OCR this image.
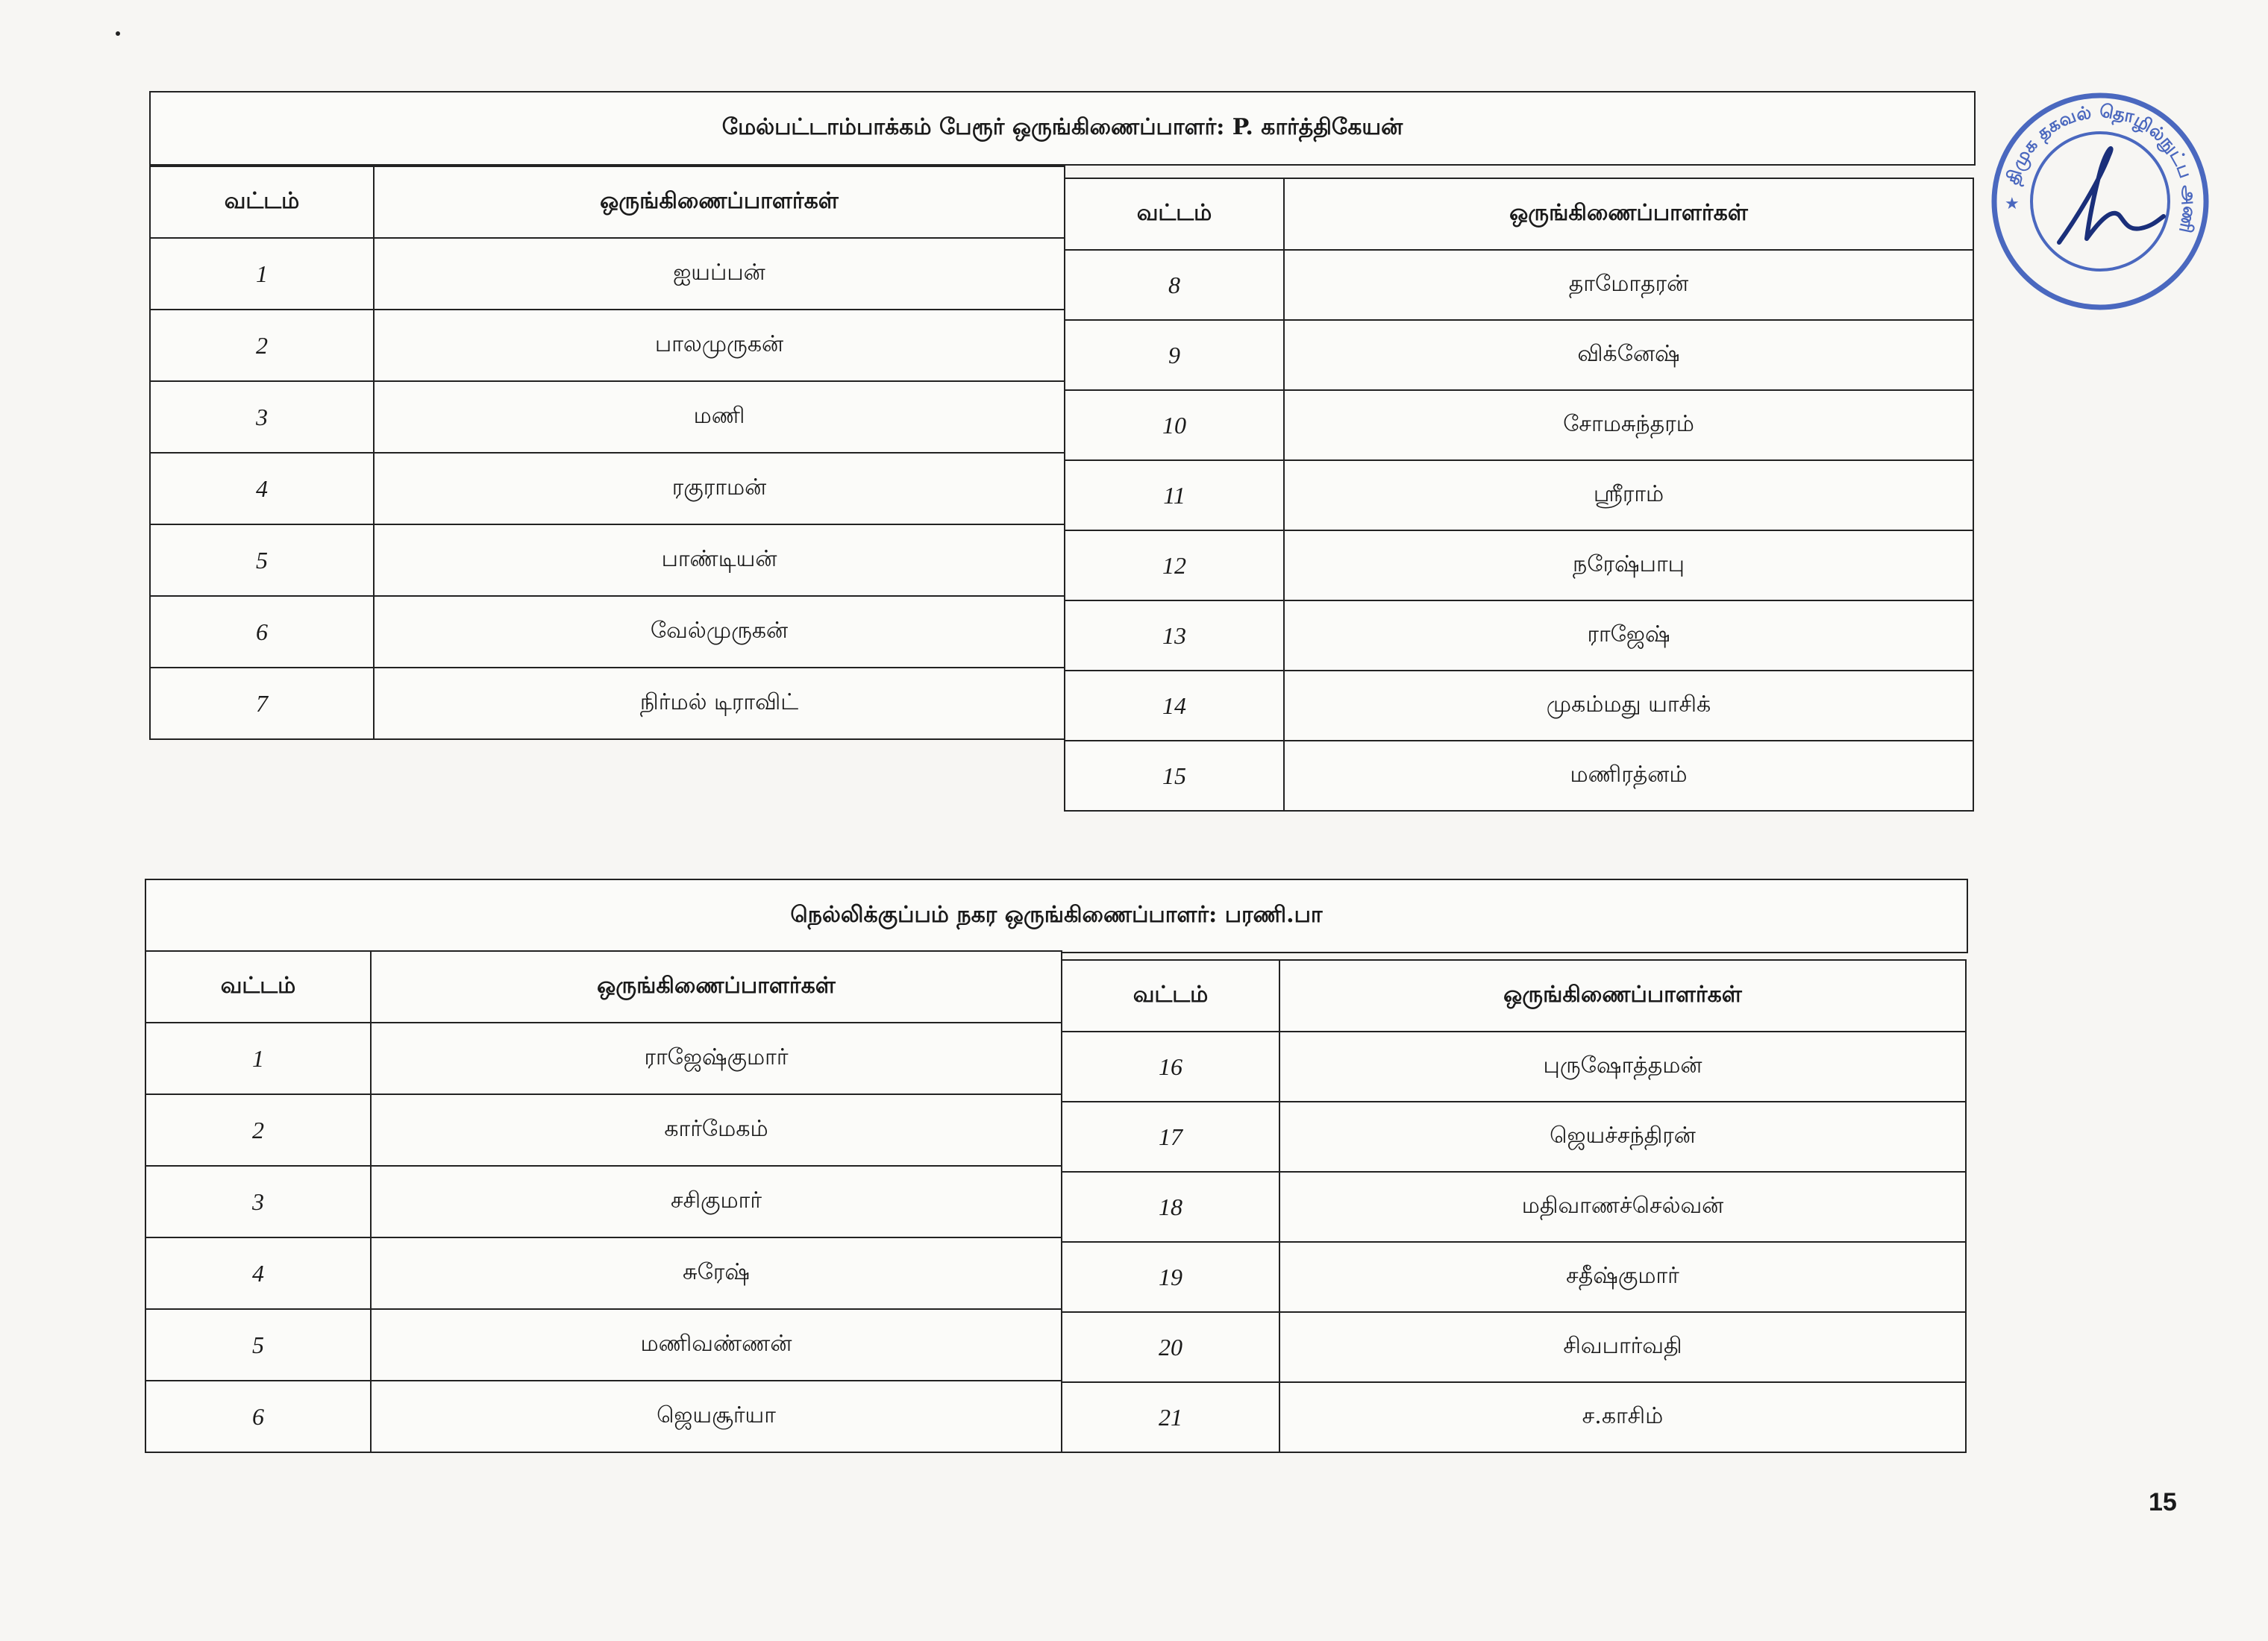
மேல்பட்டாம்பாக்கம் பேரூர் ஒருங்கிணைப்பாளர்: P. கார்த்திகேயன்
வட்டம்	ஒருங்கிணைப்பாளர்கள்
1	ஐயப்பன்
2	பாலமுருகன்
3	மணி
4	ரகுராமன்
5	பாண்டியன்
6	வேல்முருகன்
7	நிர்மல் டிராவிட்
வட்டம்	ஒருங்கிணைப்பாளர்கள்
8	தாமோதரன்
9	விக்னேஷ்
10	சோமசுந்தரம்
11	ஸ்ரீராம்
12	நரேஷ்பாபு
13	ராஜேஷ்
14	முகம்மது யாசிக்
15	மணிரத்னம்
நெல்லிக்குப்பம் நகர ஒருங்கிணைப்பாளர்: பரணி.பா
வட்டம்	ஒருங்கிணைப்பாளர்கள்
1	ராஜேஷ்குமார்
2	கார்மேகம்
3	சசிகுமார்
4	சுரேஷ்
5	மணிவண்ணன்
6	ஜெயசூர்யா
வட்டம்	ஒருங்கிணைப்பாளர்கள்
16	புருஷோத்தமன்
17	ஜெயச்சந்திரன்
18	மதிவாணச்செல்வன்
19	சதீஷ்குமார்
20	சிவபார்வதி
21	ச.காசிம்
திமுக தகவல் தொழில்நுட்ப அணி
★
15
